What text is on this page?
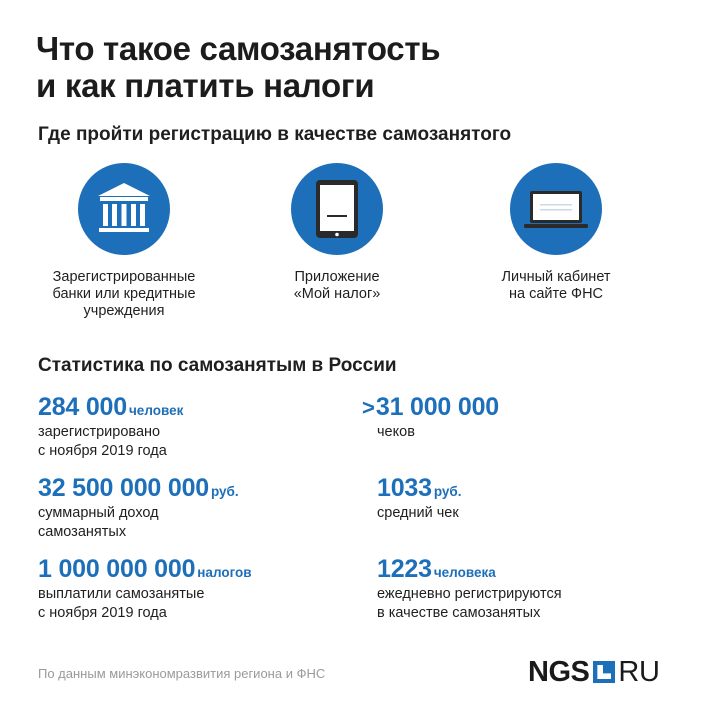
Что такое самозанятость
и как платить налоги
Где пройти регистрацию в качестве самозанятого
Зарегистрированные
банки или кредитные
учреждения
Приложение
«Мой налог»
Личный кабинет
на сайте ФНС
Статистика по самозанятым в России
284 000 человек
зарегистрировано
с ноября 2019 года
>31 000 000
чеков
32 500 000 000 руб.
суммарный доход
самозанятых
1033 руб.
средний чек
1 000 000 000 налогов
выплатили самозанятые
с ноября 2019 года
1223 человека
ежедневно регистрируются
в качестве самозанятых
По данным минэкономразвития региона и ФНС	NGS RU
